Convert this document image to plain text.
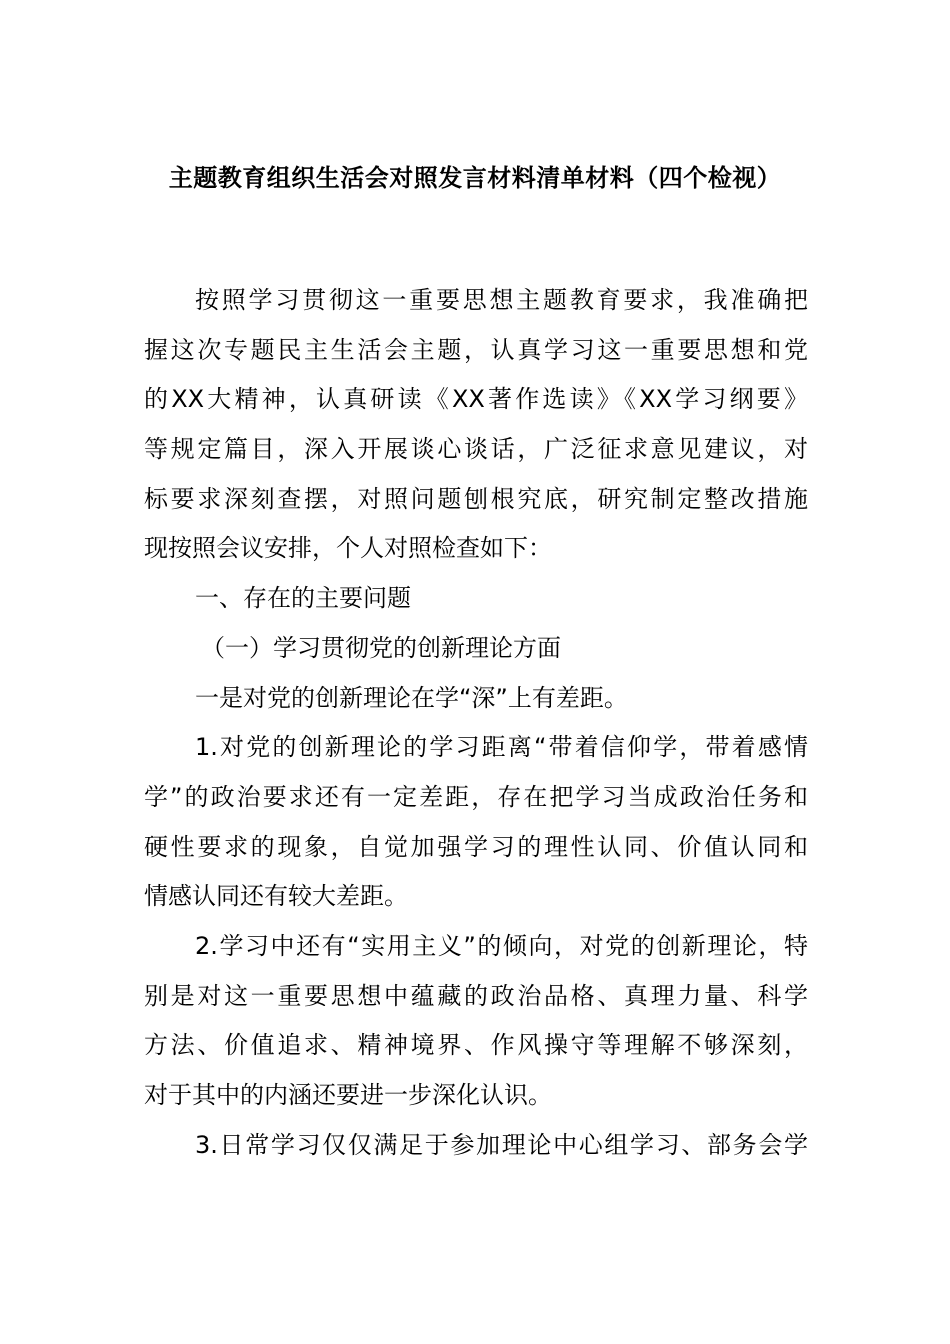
主题教育组织生活会对照发言材料清单材料（四个检视）
按照学习贯彻这一重要思想主题教育要求，我准确把
握这次专题民主生活会主题，认真学习这一重要思想和党
的XX大精神，认真研读《XX著作选读》《XX学习纲要》
等规定篇目，深入开展谈心谈话，广泛征求意见建议，对
标要求深刻查摆，对照问题刨根究底，研究制定整改措施
现按照会议安排，个人对照检查如下：
一、存在的主要问题
（一）学习贯彻党的创新理论方面
一是对党的创新理论在学“深”上有差距。
1.对党的创新理论的学习距离“带着信仰学，带着感情
学”的政治要求还有一定差距，存在把学习当成政治任务和
硬性要求的现象，自觉加强学习的理性认同、价值认同和
情感认同还有较大差距。
2.学习中还有“实用主义”的倾向，对党的创新理论，特
别是对这一重要思想中蕴藏的政治品格、真理力量、科学
方法、价值追求、精神境界、作风操守等理解不够深刻，
对于其中的内涵还要进一步深化认识。
3.日常学习仅仅满足于参加理论中心组学习、部务会学
